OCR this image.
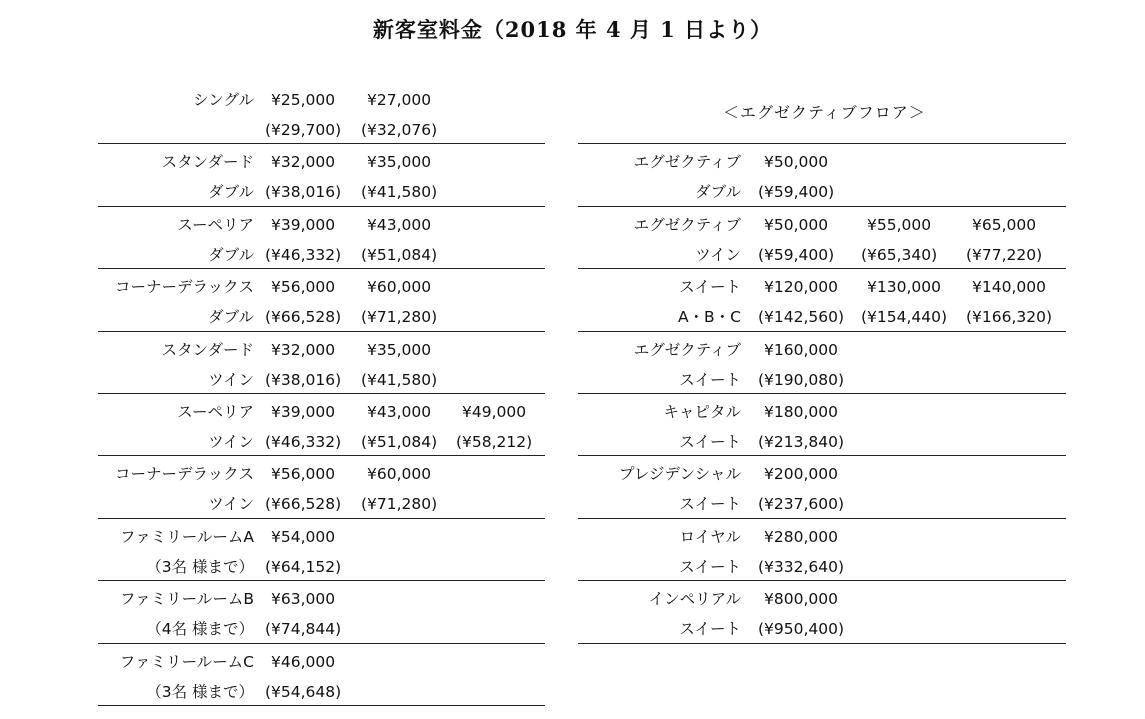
新客室料金（2018 年 4 月 1 日より）
シングル ¥25,000 ¥27,000
(¥29,700) (¥32,076)
スタンダード
ダブル
¥32,000 ¥35,000
(¥38,016) (¥41,580)
スーペリア
ダブル
¥39,000 ¥43,000
(¥46,332) (¥51,084)
コーナーデラックス
ダブル
¥56,000 ¥60,000
(¥66,528) (¥71,280)
スタンダード
ツイン
¥32,000 ¥35,000
(¥38,016) (¥41,580)
スーペリア
ツイン
¥39,000 ¥43,000 ¥49,000
(¥46,332) (¥51,084) (¥58,212)
コーナーデラックス
ツイン
¥56,000 ¥60,000
(¥66,528) (¥71,280)
ファミリールームA
（3名 様まで）
¥54,000
(¥64,152)
ファミリールームB
（4名 様まで）
¥63,000
(¥74,844)
ファミリールームC
（3名 様まで）
¥46,000
(¥54,648)
＜エグゼクティブフロア＞
エグゼクティブ
ダブル
¥50,000
(¥59,400)
エグゼクティブ
ツイン
¥50,000	¥55,000	¥65,000
(¥59,400) (¥65,340) (¥77,220)
スイート
A・B・C
¥120,000 ¥130,000 ¥140,000
(¥142,560) (¥154,440) (¥166,320)
エグゼクティブ
スイート
¥160,000
(¥190,080)
キャピタル
スイート
¥180,000
(¥213,840)
プレジデンシャル
スイート
¥200,000
(¥237,600)
ロイヤル
スイート
¥280,000
(¥332,640)
インペリアル
スイート
¥800,000
(¥950,400)
